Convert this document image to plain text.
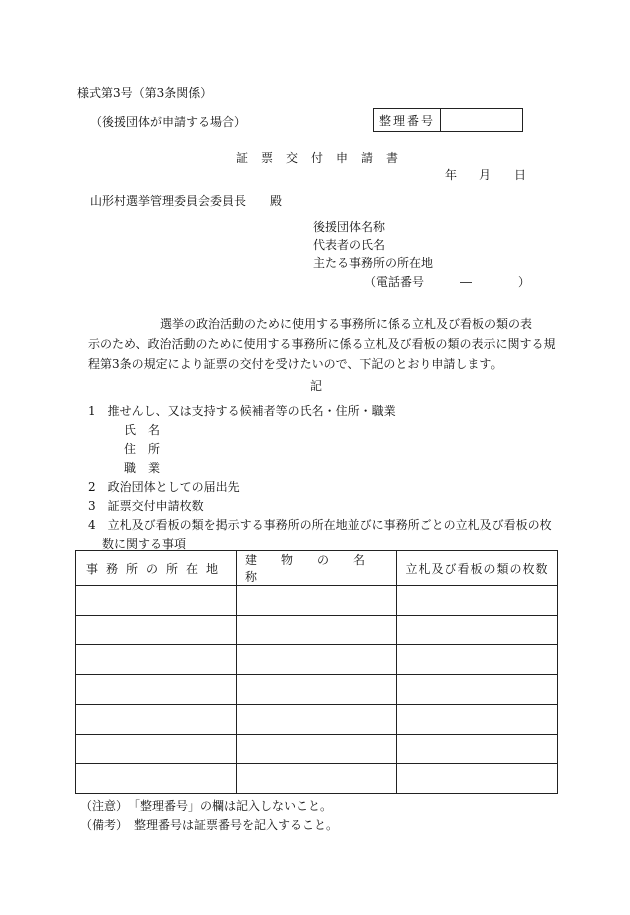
様式第3号（第3条関係）
（後援団体が申請する場合）	整理番号
証票交付申請書
年 月 日
山形村選挙管理委員会委員長　　殿
後援団体名称
代表者の氏名
主たる事務所の所在地
（電話番号	―	）
　　　　　　選挙の政治活動のために使用する事務所に係る立札及び看板の類の表
示のため、政治活動のために使用する事務所に係る立札及び看板の類の表示に関する規
程第3条の規定により証票の交付を受けたいので、下記のとおり申請します。
記
1　推せんし、又は支持する候補者等の氏名・住所・職業
氏　名
住　所
職　業
2　政治団体としての届出先
3　証票交付申請枚数
4　立札及び看板の類を掲示する事務所の所在地並びに事務所ごとの立札及び看板の枚
数に関する事項
事務所の所在地	建　物　の　名　称	立札及び看板の類の枚数

（注意）　「整理番号」の欄は記入しないこと。
（備考）　整理番号は証票番号を記入すること。
